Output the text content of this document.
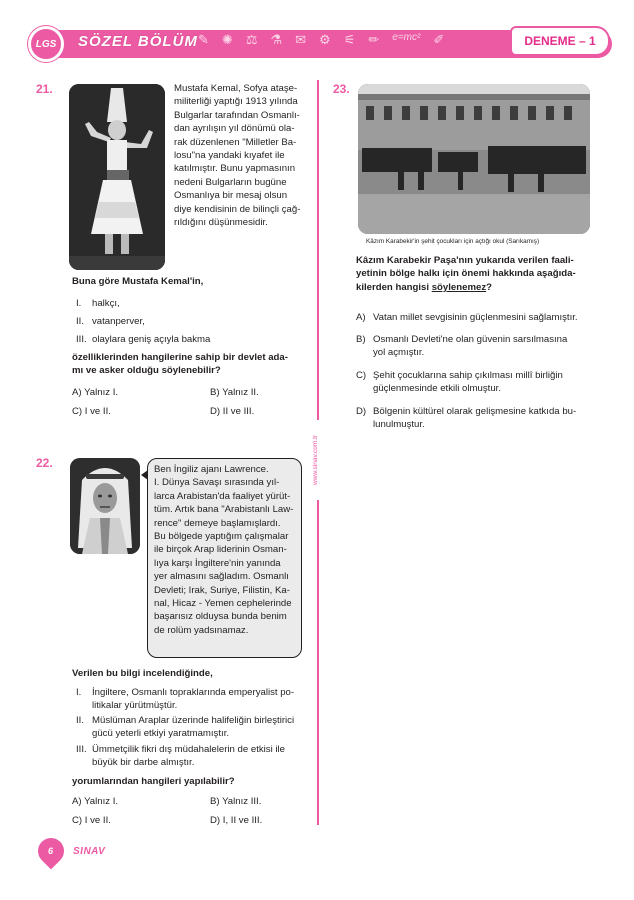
LGS	SÖZEL BÖLÜM ✎ ✺ ⚖ ⚗ ✉ ⚙ ⚟ ✏ e=mc² ✐	DENEME – 1
www.sinav.com.tr
21.	Mustafa Kemal, Sofya ataşe-
militerliği yaptığı 1913 yılında
Bulgarlar tarafından Osmanlı-
dan ayrılışın yıl dönümü ola-
rak düzenlenen "Milletler Ba-
losu"na yandaki kıyafet ile
katılmıştır. Bunu yapmasının
nedeni Bulgarların bugüne
Osmanlıya bir mesaj olsun
diye kendisinin de bilinçli çağ-
rıldığını düşünmesidir.
Buna göre Mustafa Kemal'in,
I. halkçı,
II. vatanperver,
III. olaylara geniş açıyla bakma
özelliklerinden hangilerine sahip bir devlet ada-
mı ve asker olduğu söylenebilir?
A) Yalnız I.	B) Yalnız II.
C) I ve II.	D) II ve III.
22.	Ben İngiliz ajanı Lawrence.
I. Dünya Savaşı sırasında yıl-
larca Arabistan'da faaliyet yürüt-
tüm. Artık bana "Arabistanlı Law-
rence" demeye başlamışlardı.
Bu bölgede yaptığım çalışmalar
ile birçok Arap liderinin Osman-
lıya karşı İngiltere'nin yanında
yer almasını sağladım. Osmanlı
Devleti; Irak, Suriye, Filistin, Ka-
nal, Hicaz - Yemen cephelerinde
başarısız olduysa bunda benim
de rolüm yadsınamaz.
Verilen bu bilgi incelendiğinde,
I. İngiltere, Osmanlı topraklarında emperyalist po-
litikalar yürütmüştür.
II. Müslüman Araplar üzerinde halifeliğin birleştirici
gücü yeterli etkiyi yaratmamıştır.
III. Ümmetçilik fikri dış müdahalelerin de etkisi ile
büyük bir darbe almıştır.
yorumlarından hangileri yapılabilir?
A) Yalnız I.	B) Yalnız III.
C) I ve II.	D) I, II ve III.
23.
Kâzım Karabekir'in şehit çocukları için açtığı okul (Sarıkamış)
Kâzım Karabekir Paşa'nın yukarıda verilen faali-
yetinin bölge halkı için önemi hakkında aşağıda-
kilerden hangisi söylenemez?
A) Vatan millet sevgisinin güçlenmesini sağlamıştır.
B) Osmanlı Devleti'ne olan güvenin sarsılmasına
yol açmıştır.
C) Şehit çocuklarına sahip çıkılması millî birliğin
güçlenmesinde etkili olmuştur.
D) Bölgenin kültürel olarak gelişmesine katkıda bu-
lunulmuştur.
6 SINAV
